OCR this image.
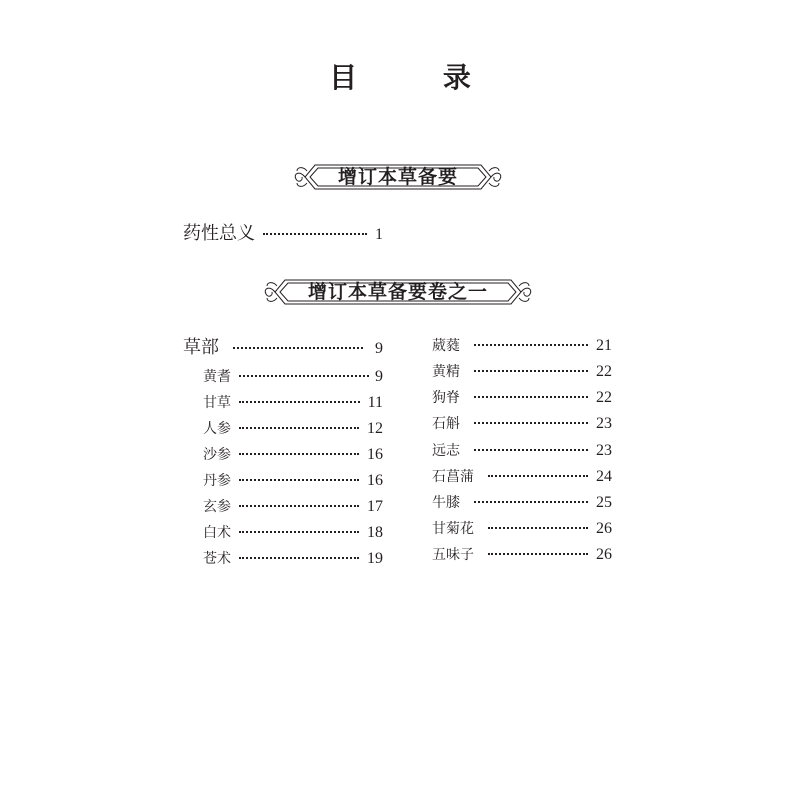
目 录
增订本草备要
药性总义	1
增订本草备要卷之一
草部	9
黄耆	9
甘草	11
人参	12
沙参	16
丹参	16
玄参	17
白术	18
苍术	19
葳蕤	21
黄精	22
狗脊	22
石斛	23
远志	23
石菖蒲	24
牛膝	25
甘菊花	26
五味子	26
